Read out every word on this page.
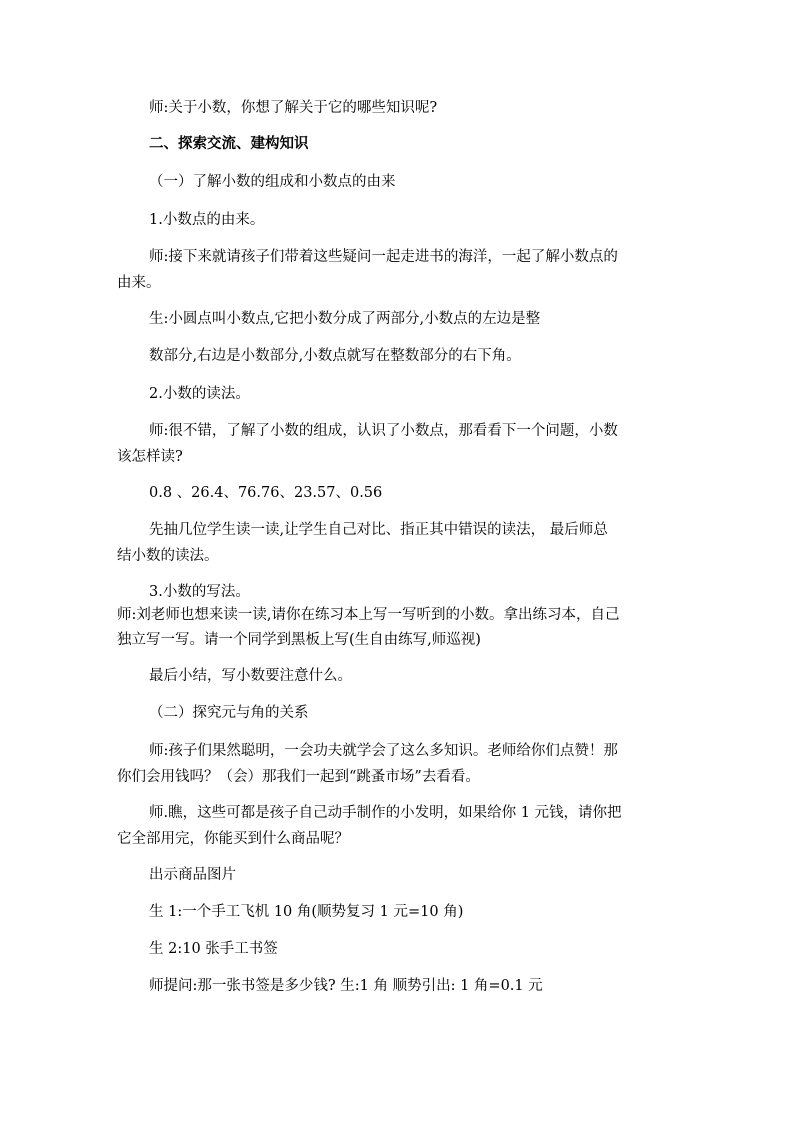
师:关于小数，你想了解关于它的哪些知识呢?
二、探索交流、建构知识
（一）了解小数的组成和小数点的由来
1.小数点的由来。
师:接下来就请孩子们带着这些疑问一起走进书的海洋，一起了解小数点的
由来。
生:小圆点叫小数点,它把小数分成了两部分,小数点的左边是整
数部分,右边是小数部分,小数点就写在整数部分的右下角。
2.小数的读法。
师:很不错，了解了小数的组成，认识了小数点，那看看下一个问题，小数
该怎样读?
0.8 、26.4、76.76、23.57、0.56
先抽几位学生读一读,让学生自己对比、指正其中错误的读法， 最后师总
结小数的读法。
3.小数的写法。
师:刘老师也想来读一读,请你在练习本上写一写听到的小数。拿出练习本，自己
独立写一写。请一个同学到黑板上写(生自由练写,师巡视)
最后小结，写小数要注意什么。
（二）探究元与角的关系
师:孩子们果然聪明，一会功夫就学会了这么多知识。老师给你们点赞！那
你们会用钱吗？（会）那我们一起到“跳蚤市场”去看看。
师.瞧，这些可都是孩子自己动手制作的小发明，如果给你 1 元钱，请你把
它全部用完，你能买到什么商品呢？
出示商品图片
生 1:一个手工飞机 10 角(顺势复习 1 元=10 角)
生 2:10 张手工书签
师提问:那一张书签是多少钱? 生:1 角 顺势引出: 1 角=0.1 元
